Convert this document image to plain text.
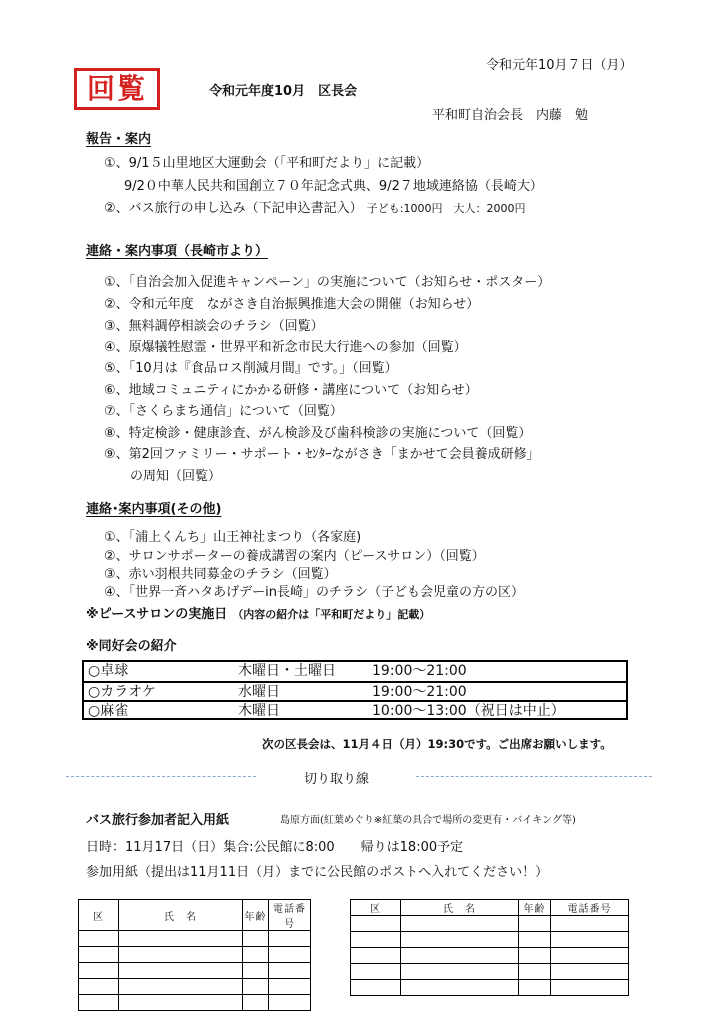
令和元年10月７日（月）
回覧	令和元年度10月　区長会
平和町自治会長　内藤　勉
報告・案内
①、9/1５山里地区大運動会（「平和町だより」に記載）
9/2０中華人民共和国創立７０年記念式典、9/2７地域連絡協（長崎大）
②、バス旅行の申し込み（下記申込書記入） 子ども:1000円　大人：2000円
連絡・案内事項（長崎市より）
①、「自治会加入促進キャンペーン」の実施について（お知らせ・ポスター）
②、令和元年度　ながさき自治振興推進大会の開催（お知らせ）
③、無料調停相談会のチラシ（回覧）
④、原爆犠牲慰霊・世界平和祈念市民大行進への参加（回覧）
⑤、「10月は『食品ロス削減月間』です。」（回覧）
⑥、地域コミュニティにかかる研修・講座について（お知らせ）
⑦、「さくらまち通信」について（回覧）
⑧、特定検診・健康診査、がん検診及び歯科検診の実施について（回覧）
⑨、第2回ファミリー・サポート・ｾﾝﾀｰながさき「まかせて会員養成研修」
の周知（回覧）
連絡･案内事項(その他)
①、「浦上くんち」山王神社まつり（各家庭)
②、サロンサポーターの養成講習の案内（ピースサロン）（回覧）
③、赤い羽根共同募金のチラシ（回覧）
④、「世界一斉ハタあげデーin長崎」のチラシ（子ども会児童の方の区）
※ピースサロンの実施日 （内容の紹介は「平和町だより」記載）
※同好会の紹介
○卓球	木曜日・土曜日	19:00～21:00
○カラオケ	水曜日	19:00～21:00
○麻雀	木曜日	10:00～13:00（祝日は中止）
次の区長会は、11月４日（月）19:30です。ご出席お願いします。
切り取り線
バス旅行参加者記入用紙	島原方面(紅葉めぐり※紅葉の具合で場所の変更有・バイキング等)
日時：11月17日（日）集合:公民館に8:00　　帰りは18:00予定
参加用紙（提出は11月11日（月）までに公民館のポストへ入れてください！）
区	氏　名	年齢	電話番号

区	氏　名	年齢	電話番号
